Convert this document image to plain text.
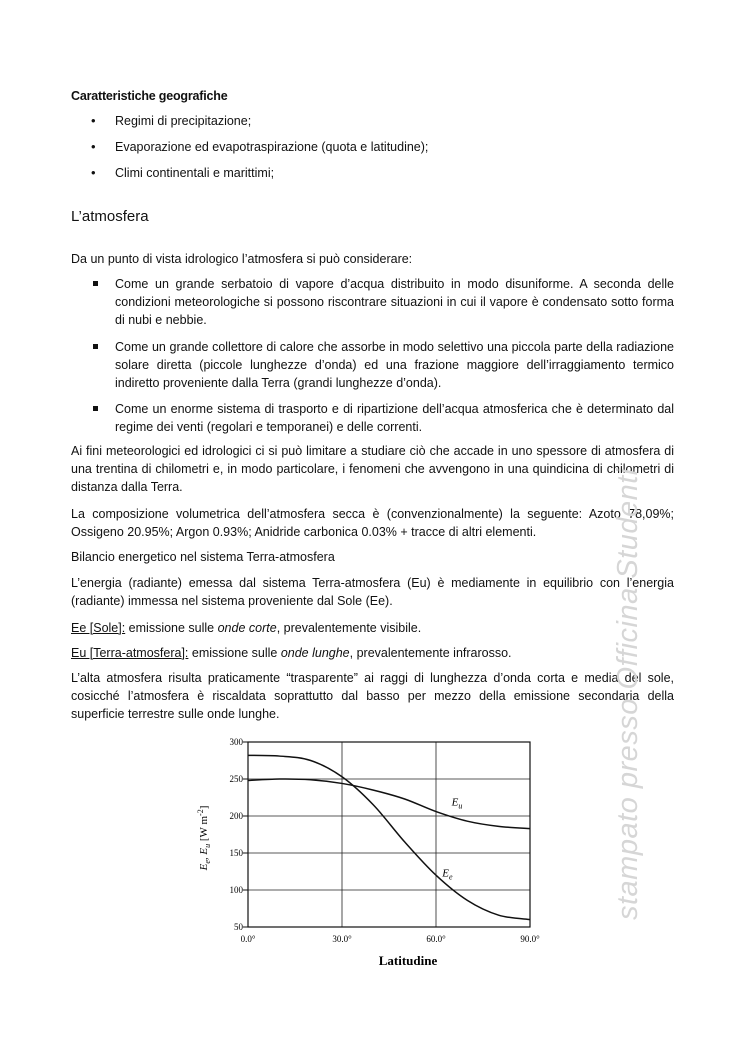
Caratteristiche geografiche
• Regimi di precipitazione;
• Evaporazione ed evapotraspirazione (quota e latitudine);
• Climi continentali e marittimi;
L’atmosfera
Da un punto di vista idrologico l’atmosfera si può considerare:
Come un grande serbatoio di vapore d’acqua distribuito in modo disuniforme. A seconda delle condizioni meteorologiche si possono riscontrare situazioni in cui il vapore è condensato sotto forma di nubi e nebbie.
Come un grande collettore di calore che assorbe in modo selettivo una piccola parte della radiazione solare diretta (piccole lunghezze d’onda) ed una frazione maggiore dell’irraggiamento termico indiretto proveniente dalla Terra (grandi lunghezze d’onda).
Come un enorme sistema di trasporto e di ripartizione dell’acqua atmosferica che è determinato dal regime dei venti (regolari e temporanei) e delle correnti.
Ai fini meteorologici ed idrologici ci si può limitare a studiare ciò che accade in uno spessore di atmosfera di una trentina di chilometri e, in modo particolare, i fenomeni che avvengono in una quindicina di chilometri di distanza dalla Terra.
La composizione volumetrica dell’atmosfera secca è (convenzionalmente) la seguente: Azoto 78,09%; Ossigeno 20.95%; Argon 0.93%; Anidride carbonica 0.03% + tracce di altri elementi.
Bilancio energetico nel sistema Terra-atmosfera
L’energia (radiante) emessa dal sistema Terra-atmosfera (Eu) è mediamente in equilibrio con l’energia (radiante) immessa nel sistema proveniente dal Sole (Ee).
Ee [Sole]: emissione sulle onde corte, prevalentemente visibile.
Eu [Terra-atmosfera]: emissione sulle onde lunghe, prevalentemente infrarosso.
L’alta atmosfera risulta praticamente “trasparente” ai raggi di lunghezza d’onda corta e media del sole, cosicché l’atmosfera è riscaldata soprattutto dal basso per mezzo della emissione secondaria della superficie terrestre sulle onde lunghe.
0.0°	30.0°	60.0°	90.0°
50
100
150
200
250
300
$E_u$
$E_e$
$E_e$, $E_u$ [W $m^{-2}$]
Latitudine
stampato presso Officina Studenti
